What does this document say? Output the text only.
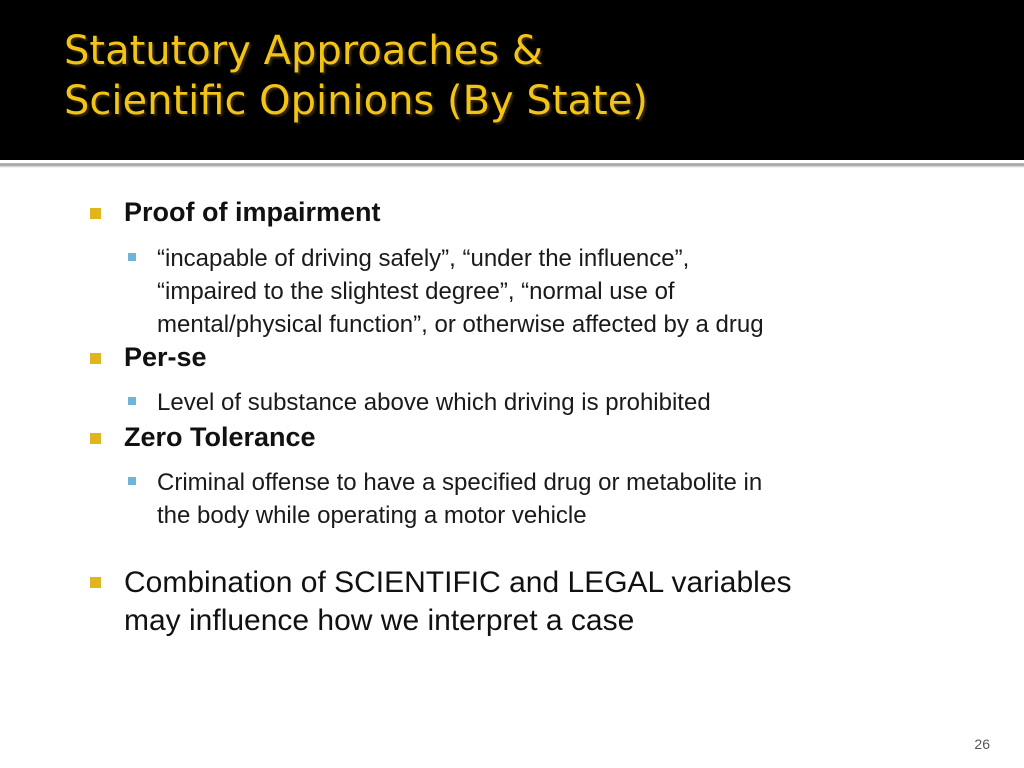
Statutory Approaches &
Scientific Opinions (By State)
Proof of impairment
“incapable of driving safely”, “under the influence”,
“impaired to the slightest degree”, “normal use of
mental/physical function”, or otherwise affected by a drug
Per-se
Level of substance above which driving is prohibited
Zero Tolerance
Criminal offense to have a specified drug or metabolite in
the body while operating a motor vehicle
Combination of SCIENTIFIC and LEGAL variables
may influence how we interpret a case
26
